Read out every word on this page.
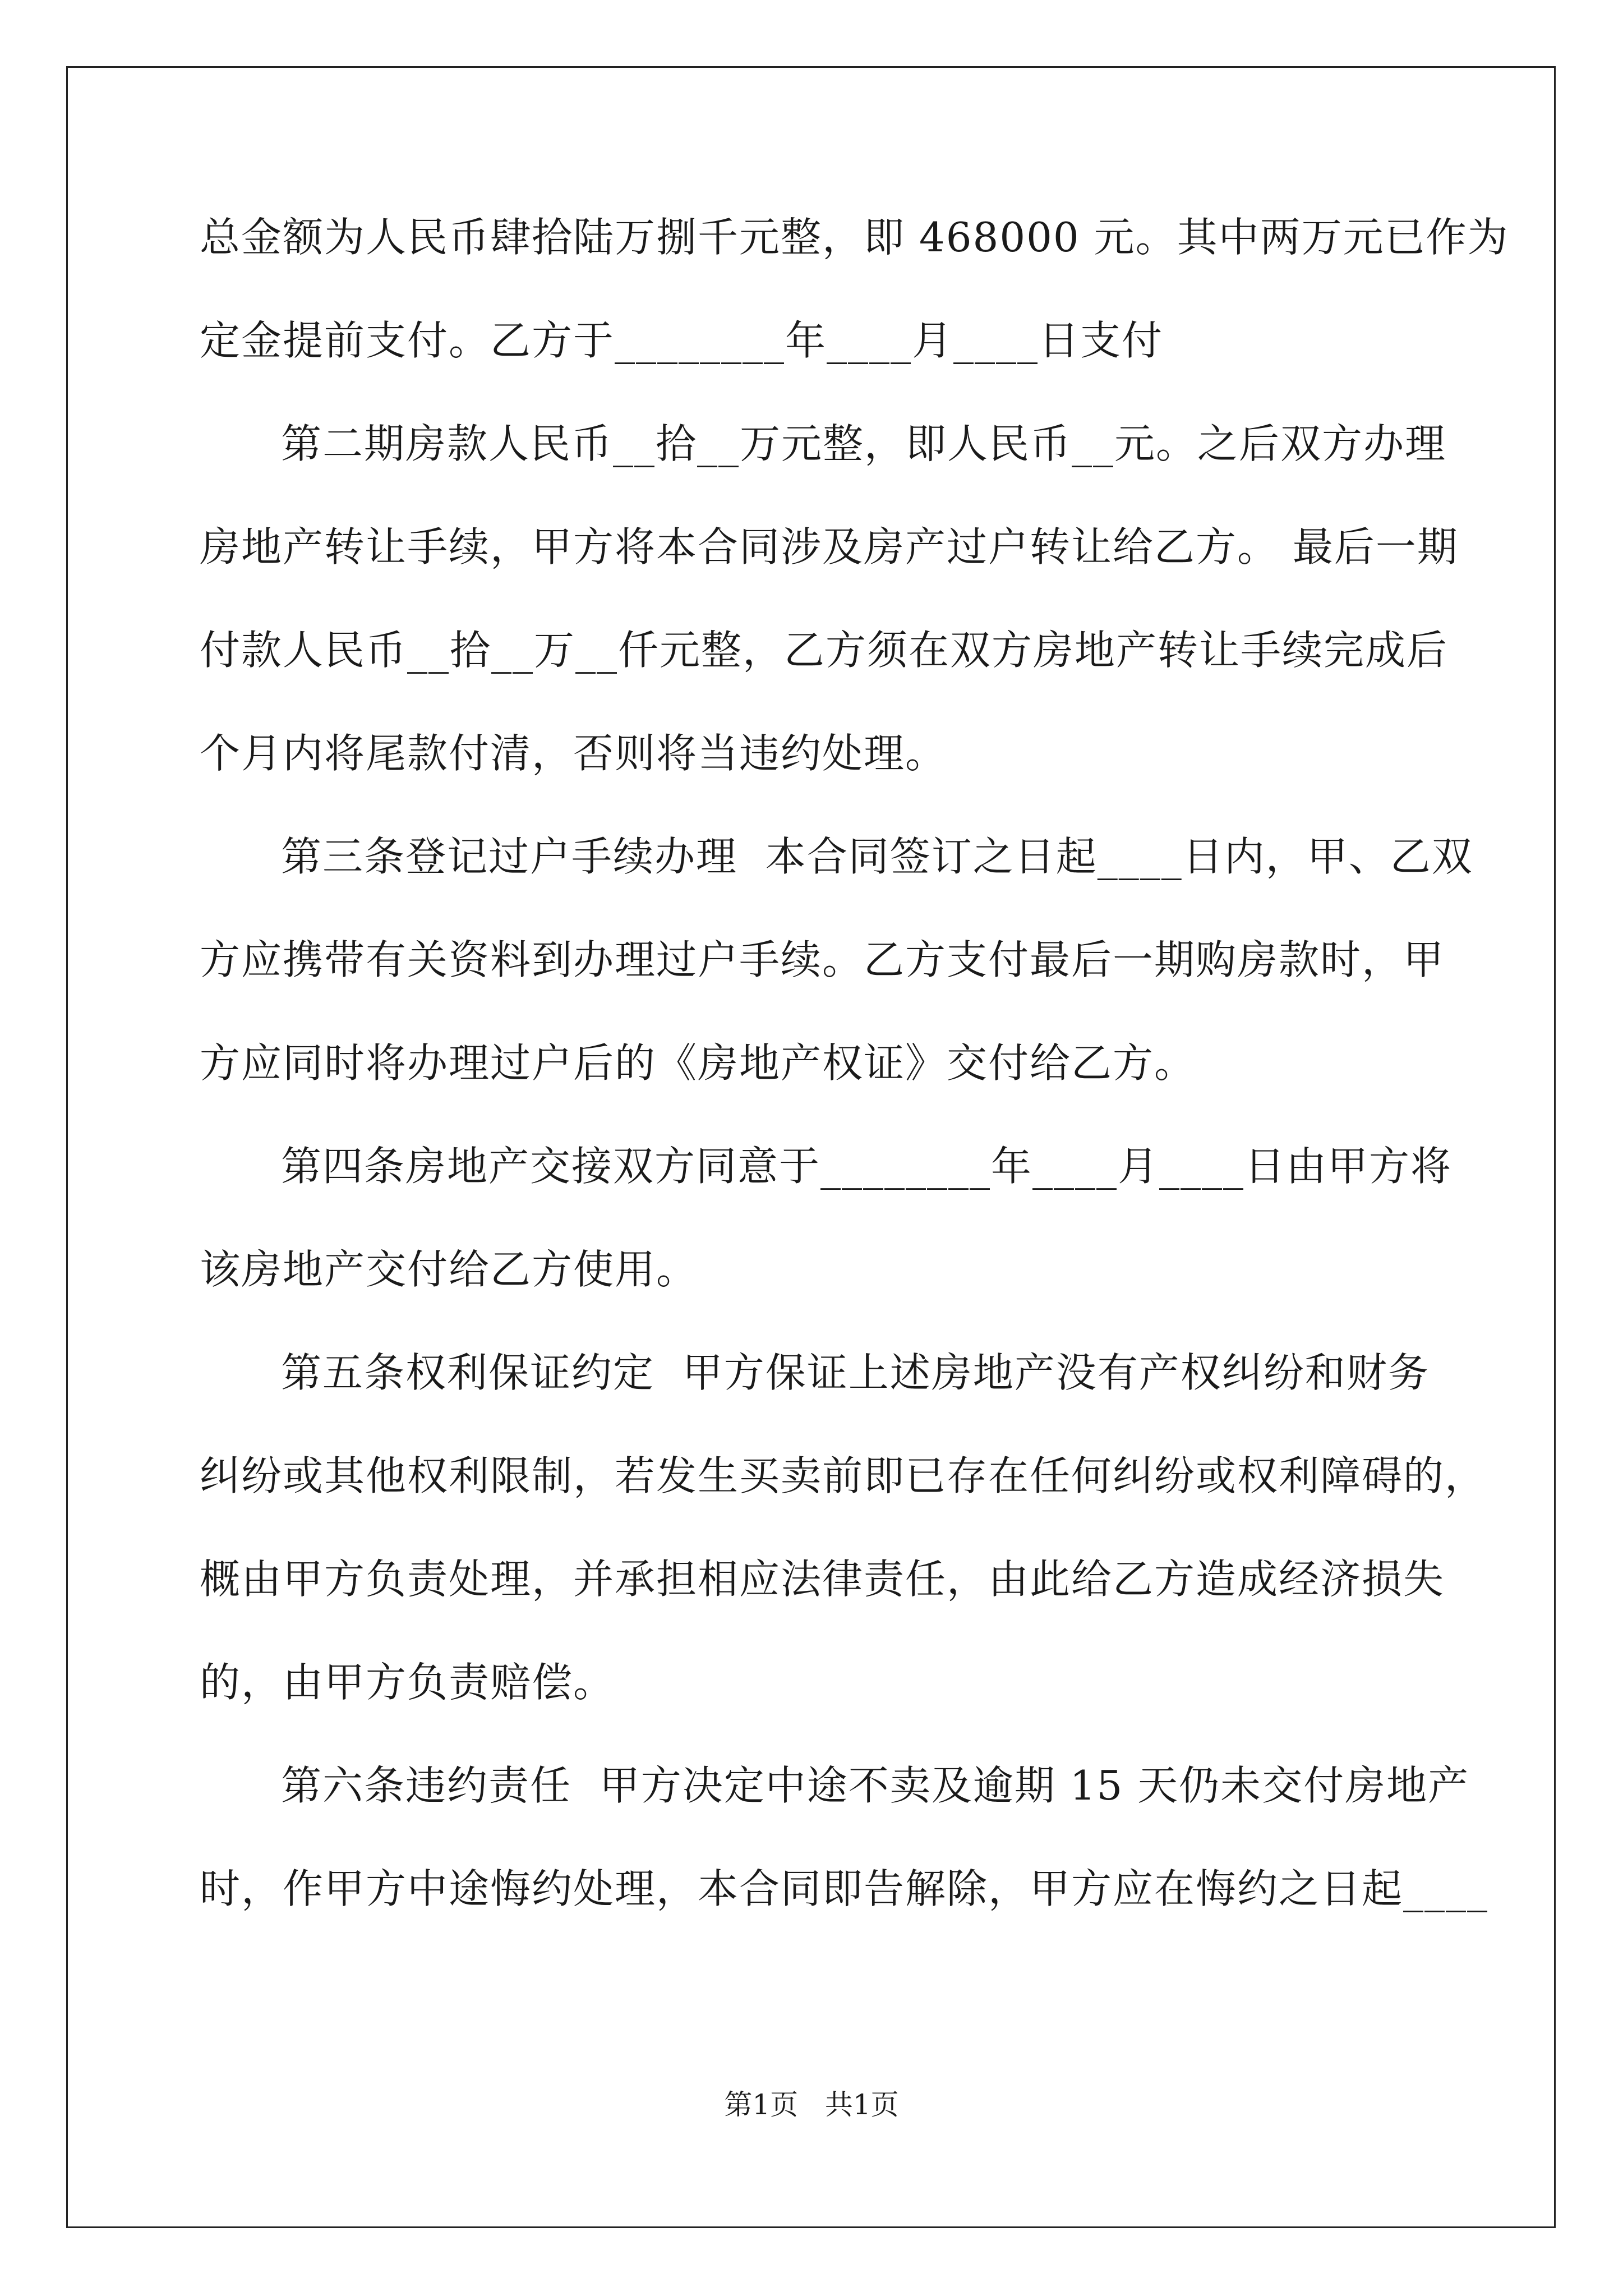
总金额为人民币肆拾陆万捌千元整，即 468000 元。其中两万元已作为
定金提前支付。乙方于________年____月____日支付
第二期房款人民币__拾__万元整，即人民币__元。之后双方办理
房地产转让手续，甲方将本合同涉及房产过户转让给乙方。 最后一期
付款人民币__拾__万__仟元整，乙方须在双方房地产转让手续完成后
个月内将尾款付清，否则将当违约处理。
第三条登记过户手续办理  本合同签订之日起____日内，甲、乙双
方应携带有关资料到办理过户手续。乙方支付最后一期购房款时，甲
方应同时将办理过户后的《房地产权证》交付给乙方。
第四条房地产交接双方同意于________年____月____日由甲方将
该房地产交付给乙方使用。
第五条权利保证约定  甲方保证上述房地产没有产权纠纷和财务
纠纷或其他权利限制，若发生买卖前即已存在任何纠纷或权利障碍的，
概由甲方负责处理，并承担相应法律责任，由此给乙方造成经济损失
的，由甲方负责赔偿。
第六条违约责任  甲方决定中途不卖及逾期 15 天仍未交付房地产
时，作甲方中途悔约处理，本合同即告解除，甲方应在悔约之日起____
第1页   共1页
